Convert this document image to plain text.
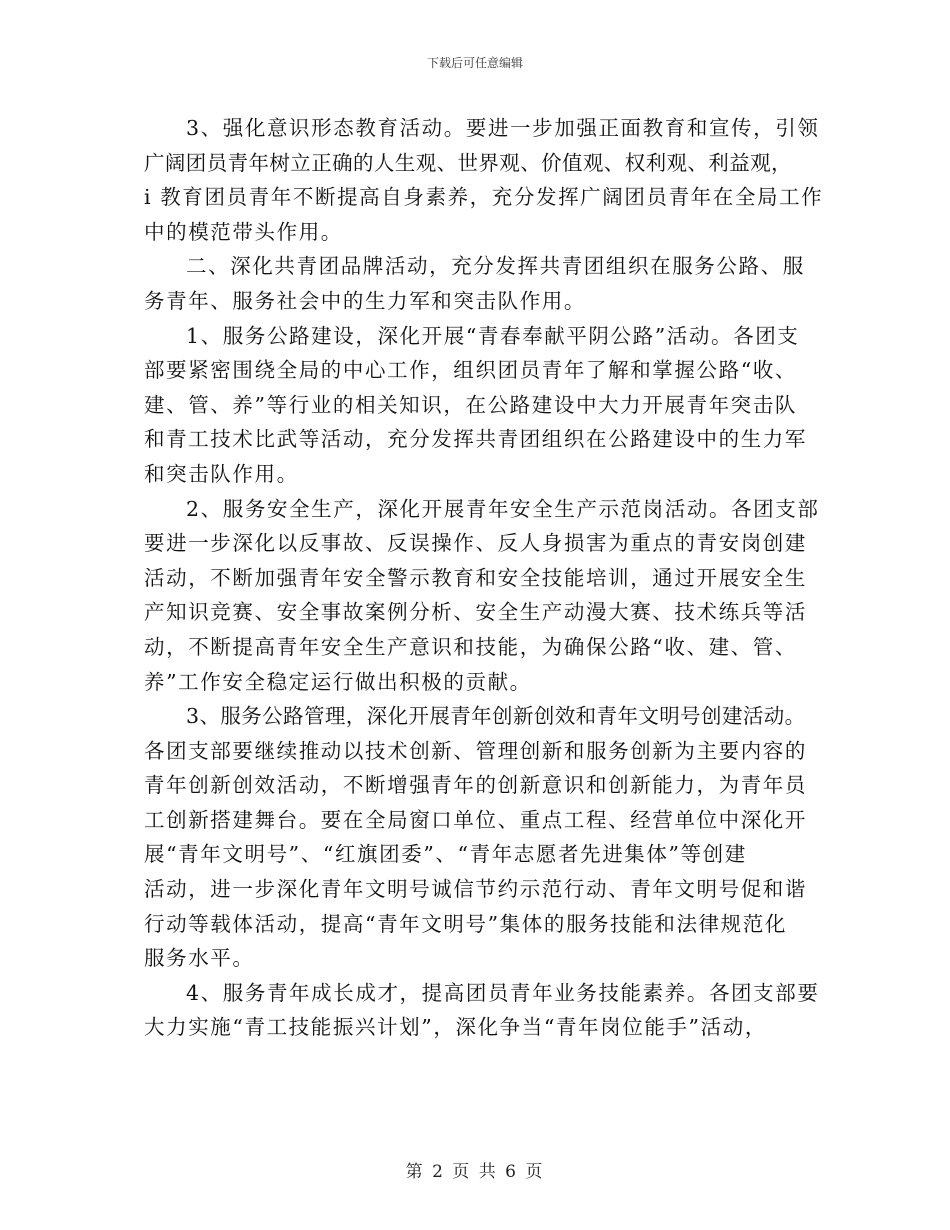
下载后可任意编辑
3、强化意识形态教育活动。要进一步加强正面教育和宣传，引领
广阔团员青年树立正确的人生观、世界观、价值观、权利观、利益观，
i 教育团员青年不断提高自身素养，充分发挥广阔团员青年在全局工作
中的模范带头作用。
二、深化共青团品牌活动，充分发挥共青团组织在服务公路、服
务青年、服务社会中的生力军和突击队作用。
1、服务公路建设，深化开展“青春奉献平阴公路”活动。各团支
部要紧密围绕全局的中心工作，组织团员青年了解和掌握公路“收、
建、管、养”等行业的相关知识，在公路建设中大力开展青年突击队
和青工技术比武等活动，充分发挥共青团组织在公路建设中的生力军
和突击队作用。
2、服务安全生产，深化开展青年安全生产示范岗活动。各团支部
要进一步深化以反事故、反误操作、反人身损害为重点的青安岗创建
活动，不断加强青年安全警示教育和安全技能培训，通过开展安全生
产知识竞赛、安全事故案例分析、安全生产动漫大赛、技术练兵等活
动，不断提高青年安全生产意识和技能，为确保公路“收、建、管、
养”工作安全稳定运行做出积极的贡献。
3、服务公路管理，深化开展青年创新创效和青年文明号创建活动。
各团支部要继续推动以技术创新、管理创新和服务创新为主要内容的
青年创新创效活动，不断增强青年的创新意识和创新能力，为青年员
工创新搭建舞台。要在全局窗口单位、重点工程、经营单位中深化开
展“青年文明号”、“红旗团委”、“青年志愿者先进集体”等创建
活动，进一步深化青年文明号诚信节约示范行动、青年文明号促和谐
行动等载体活动，提高“青年文明号”集体的服务技能和法律规范化
服务水平。
4、服务青年成长成才，提高团员青年业务技能素养。各团支部要
大力实施“青工技能振兴计划”，深化争当“青年岗位能手”活动，
第 2 页 共 6 页
